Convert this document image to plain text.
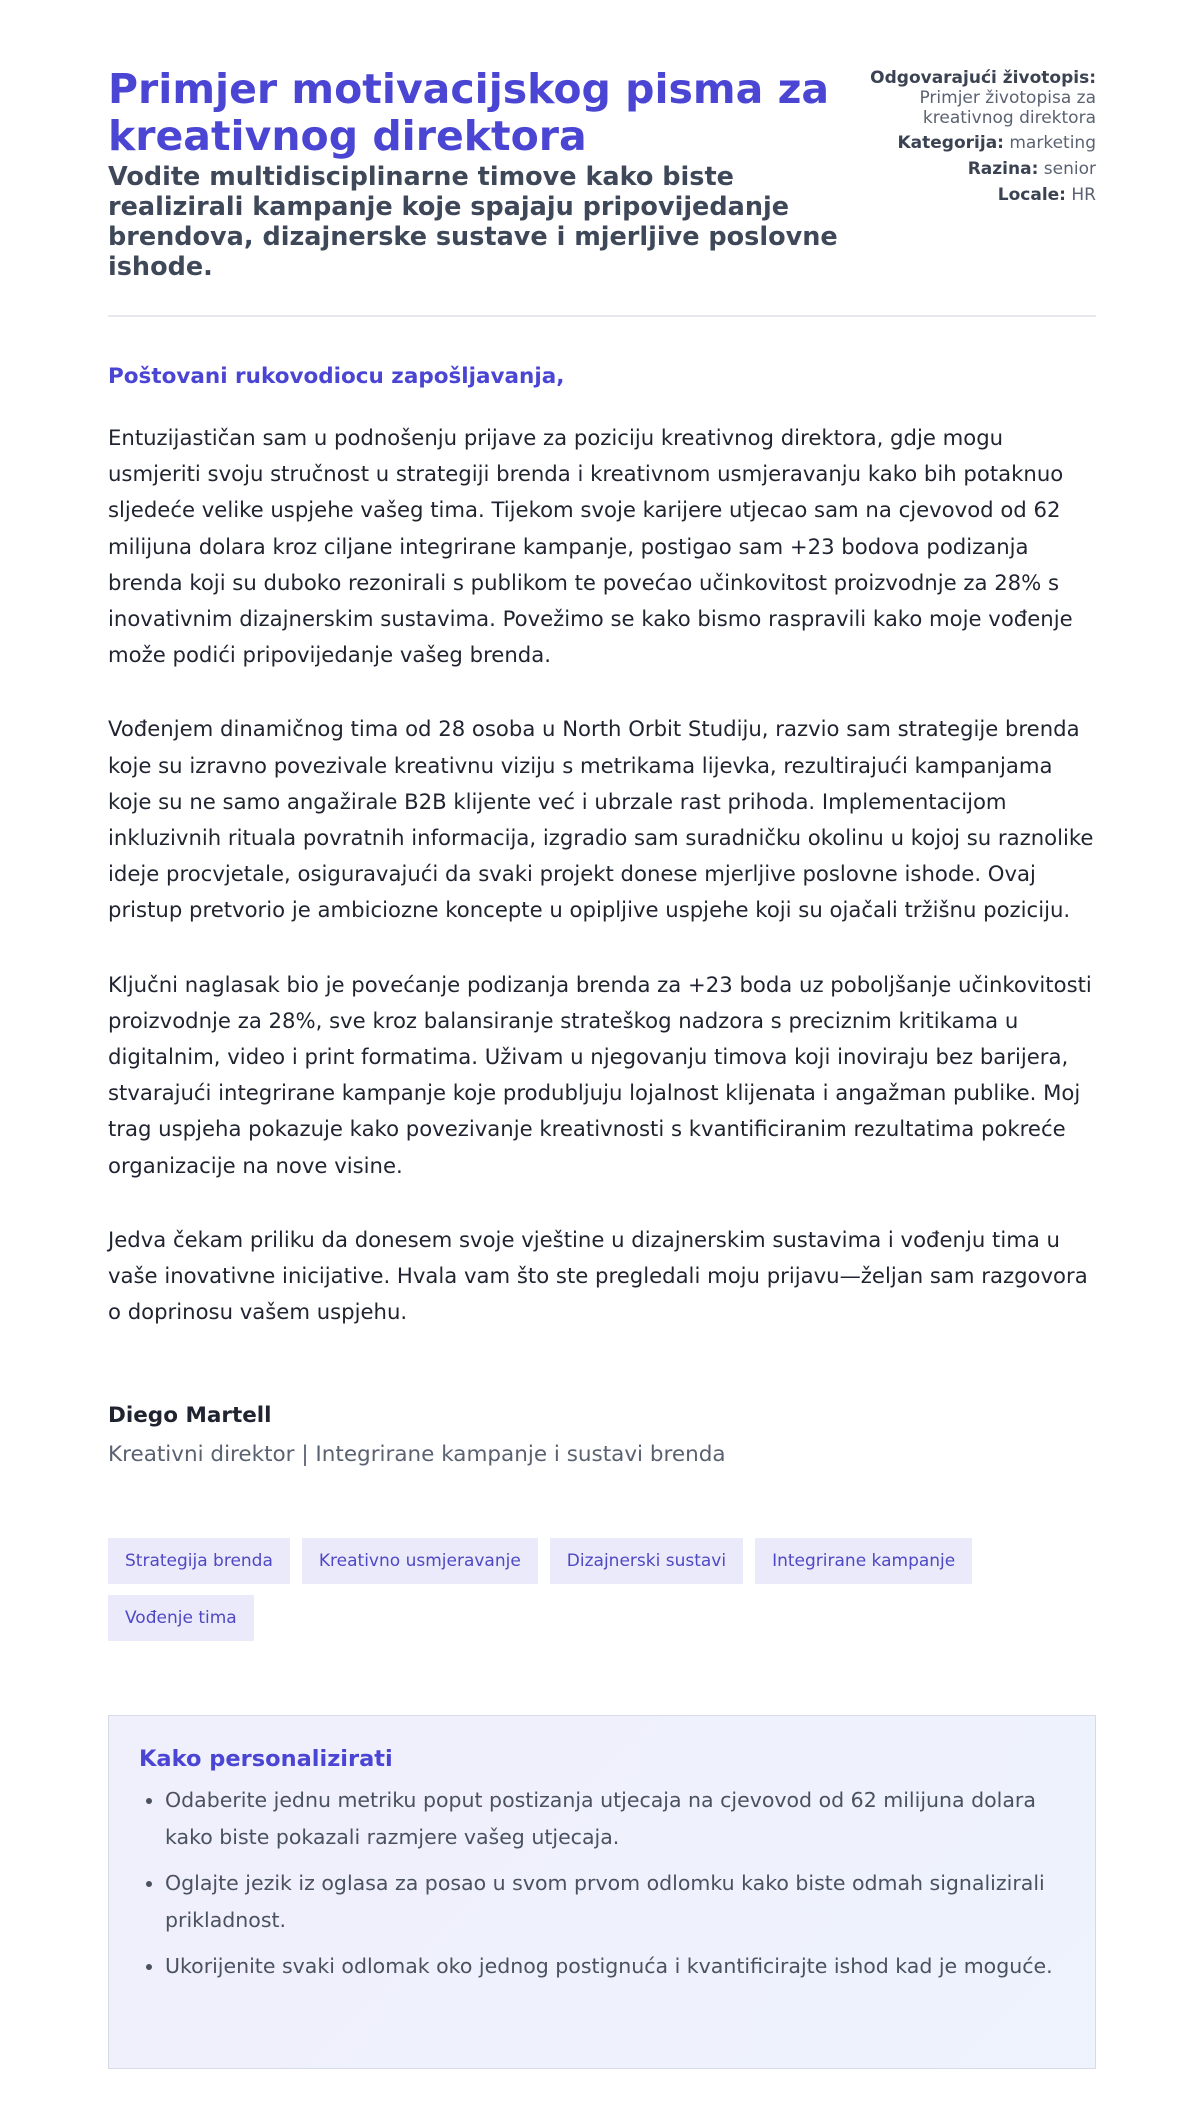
Primjer motivacijskog pisma za kreativnog direktora
Vodite multidisciplinarne timove kako biste realizirali kampanje koje spajaju pripovijedanje brendova, dizajnerske sustave i mjerljive poslovne ishode.
Odgovarajući životopis: Primjer životopisa za kreativnog direktora
Kategorija: marketing
Razina: senior
Locale: HR
Poštovani rukovodiocu zapošljavanja,

Entuzijastičan sam u podnošenju prijave za poziciju kreativnog direktora, gdje mogu usmjeriti svoju stručnost u strategiji brenda i kreativnom usmjeravanju kako bih potaknuo sljedeće velike uspjehe vašeg tima. Tijekom svoje karijere utjecao sam na cjevovod od 62 milijuna dolara kroz ciljane integrirane kampanje, postigao sam +23 bodova podizanja brenda koji su duboko rezonirali s publikom te povećao učinkovitost proizvodnje za 28% s inovativnim dizajnerskim sustavima. Povežimo se kako bismo raspravili kako moje vođenje može podići pripovijedanje vašeg brenda.

Vođenjem dinamičnog tima od 28 osoba u North Orbit Studiju, razvio sam strategije brenda koje su izravno povezivale kreativnu viziju s metrikama lijevka, rezultirajući kampanjama koje su ne samo angažirale B2B klijente već i ubrzale rast prihoda. Implementacijom inkluzivnih rituala povratnih informacija, izgradio sam suradničku okolinu u kojoj su raznolike ideje procvjetale, osiguravajući da svaki projekt donese mjerljive poslovne ishode. Ovaj pristup pretvorio je ambiciozne koncepte u opipljive uspjehe koji su ojačali tržišnu poziciju.

Ključni naglasak bio je povećanje podizanja brenda za +23 boda uz poboljšanje učinkovitosti proizvodnje za 28%, sve kroz balansiranje strateškog nadzora s preciznim kritikama u digitalnim, video i print formatima. Uživam u njegovanju timova koji inoviraju bez barijera, stvarajući integrirane kampanje koje produbljuju lojalnost klijenata i angažman publike. Moj trag uspjeha pokazuje kako povezivanje kreativnosti s kvantificiranim rezultatima pokreće organizacije na nove visine.

Jedva čekam priliku da donesem svoje vještine u dizajnerskim sustavima i vođenju tima u vaše inovativne inicijative. Hvala vam što ste pregledali moju prijavu—željan sam razgovora o doprinosu vašem uspjehu.

Diego Martell
Kreativni direktor | Integrirane kampanje i sustavi brenda
Strategija brenda	Kreativno usmjeravanje	Dizajnerski sustavi	Integrirane kampanje
Vođenje tima
Kako personalizirati
• Odaberite jednu metriku poput postizanja utjecaja na cjevovod od 62 milijuna dolara kako biste pokazali razmjere vašeg utjecaja.
• Oglajte jezik iz oglasa za posao u svom prvom odlomku kako biste odmah signalizirali prikladnost.
• Ukorijenite svaki odlomak oko jednog postignuća i kvantificirajte ishod kad je moguće.
